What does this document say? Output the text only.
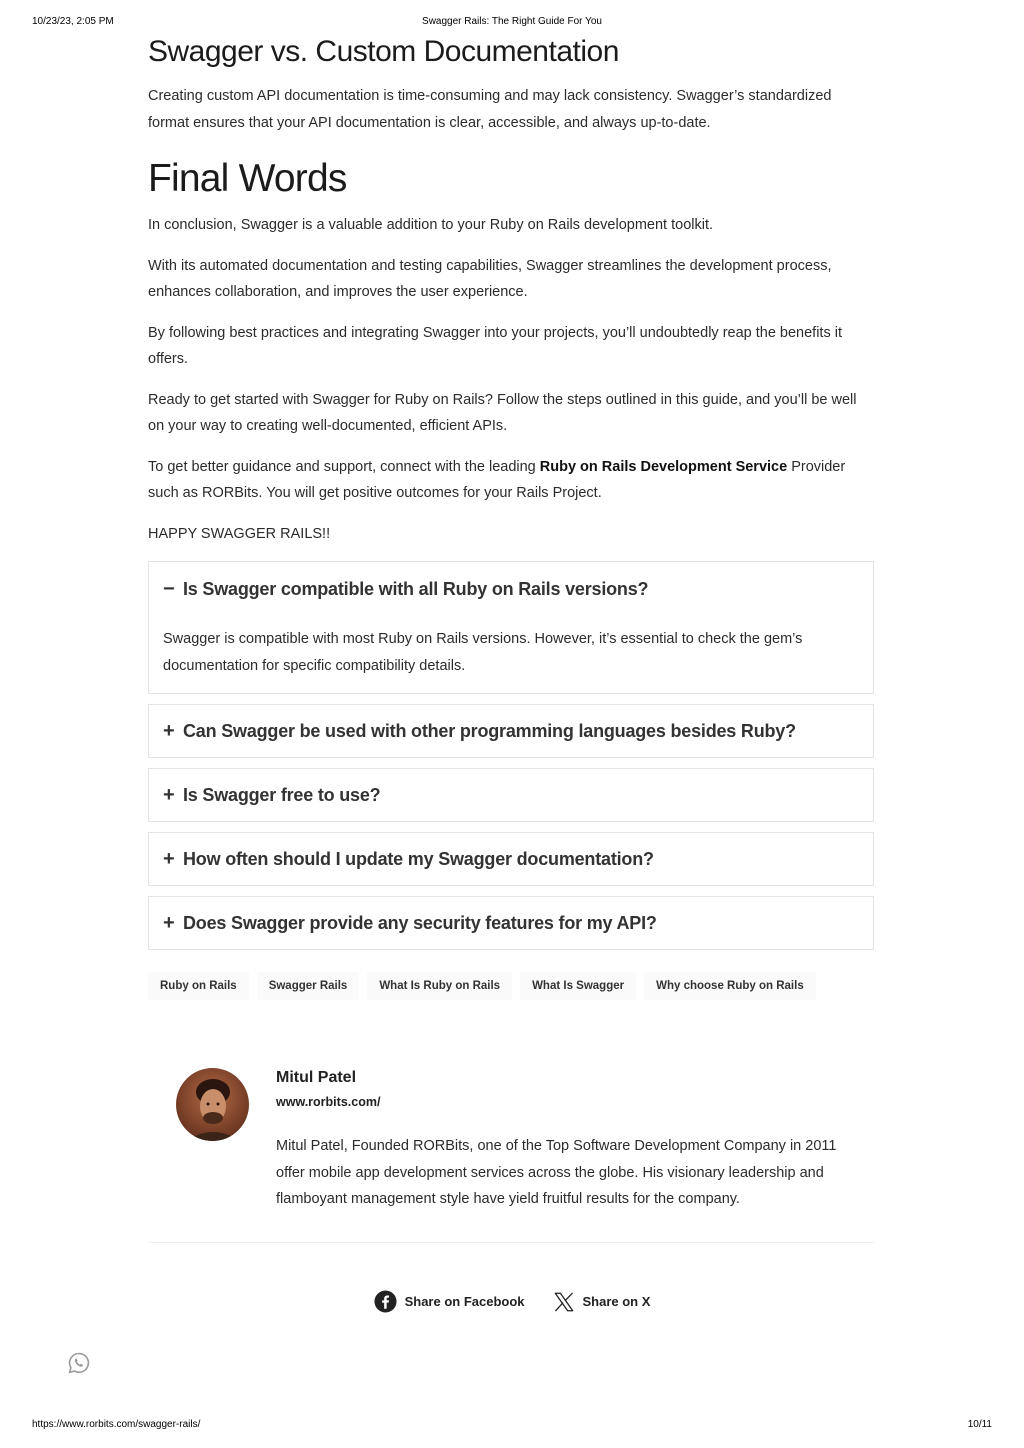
10/23/23, 2:05 PM	Swagger Rails: The Right Guide For You
Swagger vs. Custom Documentation

Creating custom API documentation is time-consuming and may lack consistency. Swagger’s standardized format ensures that your API documentation is clear, accessible, and always up-to-date.

Final Words

In conclusion, Swagger is a valuable addition to your Ruby on Rails development toolkit.

With its automated documentation and testing capabilities, Swagger streamlines the development process, enhances collaboration, and improves the user experience.

By following best practices and integrating Swagger into your projects, you’ll undoubtedly reap the benefits it offers.

Ready to get started with Swagger for Ruby on Rails? Follow the steps outlined in this guide, and you’ll be well on your way to creating well-documented, efficient APIs.

To get better guidance and support, connect with the leading Ruby on Rails Development Service Provider such as RORBits. You will get positive outcomes for your Rails Project.

HAPPY SWAGGER RAILS!!

− Is Swagger compatible with all Ruby on Rails versions?
Swagger is compatible with most Ruby on Rails versions. However, it’s essential to check the gem’s documentation for specific compatibility details.
+ Can Swagger be used with other programming languages besides Ruby?
+ Is Swagger free to use?
+ How often should I update my Swagger documentation?
+ Does Swagger provide any security features for my API?
Ruby on Rails	Swagger Rails	What Is Ruby on Rails	What Is Swagger	Why choose Ruby on Rails
Mitul Patel
www.rorbits.com/
Mitul Patel, Founded RORBits, one of the Top Software Development Company in 2011 offer mobile app development services across the globe. His visionary leadership and flamboyant management style have yield fruitful results for the company.
Share on Facebook	Share on X
https://www.rorbits.com/swagger-rails/	10/11
